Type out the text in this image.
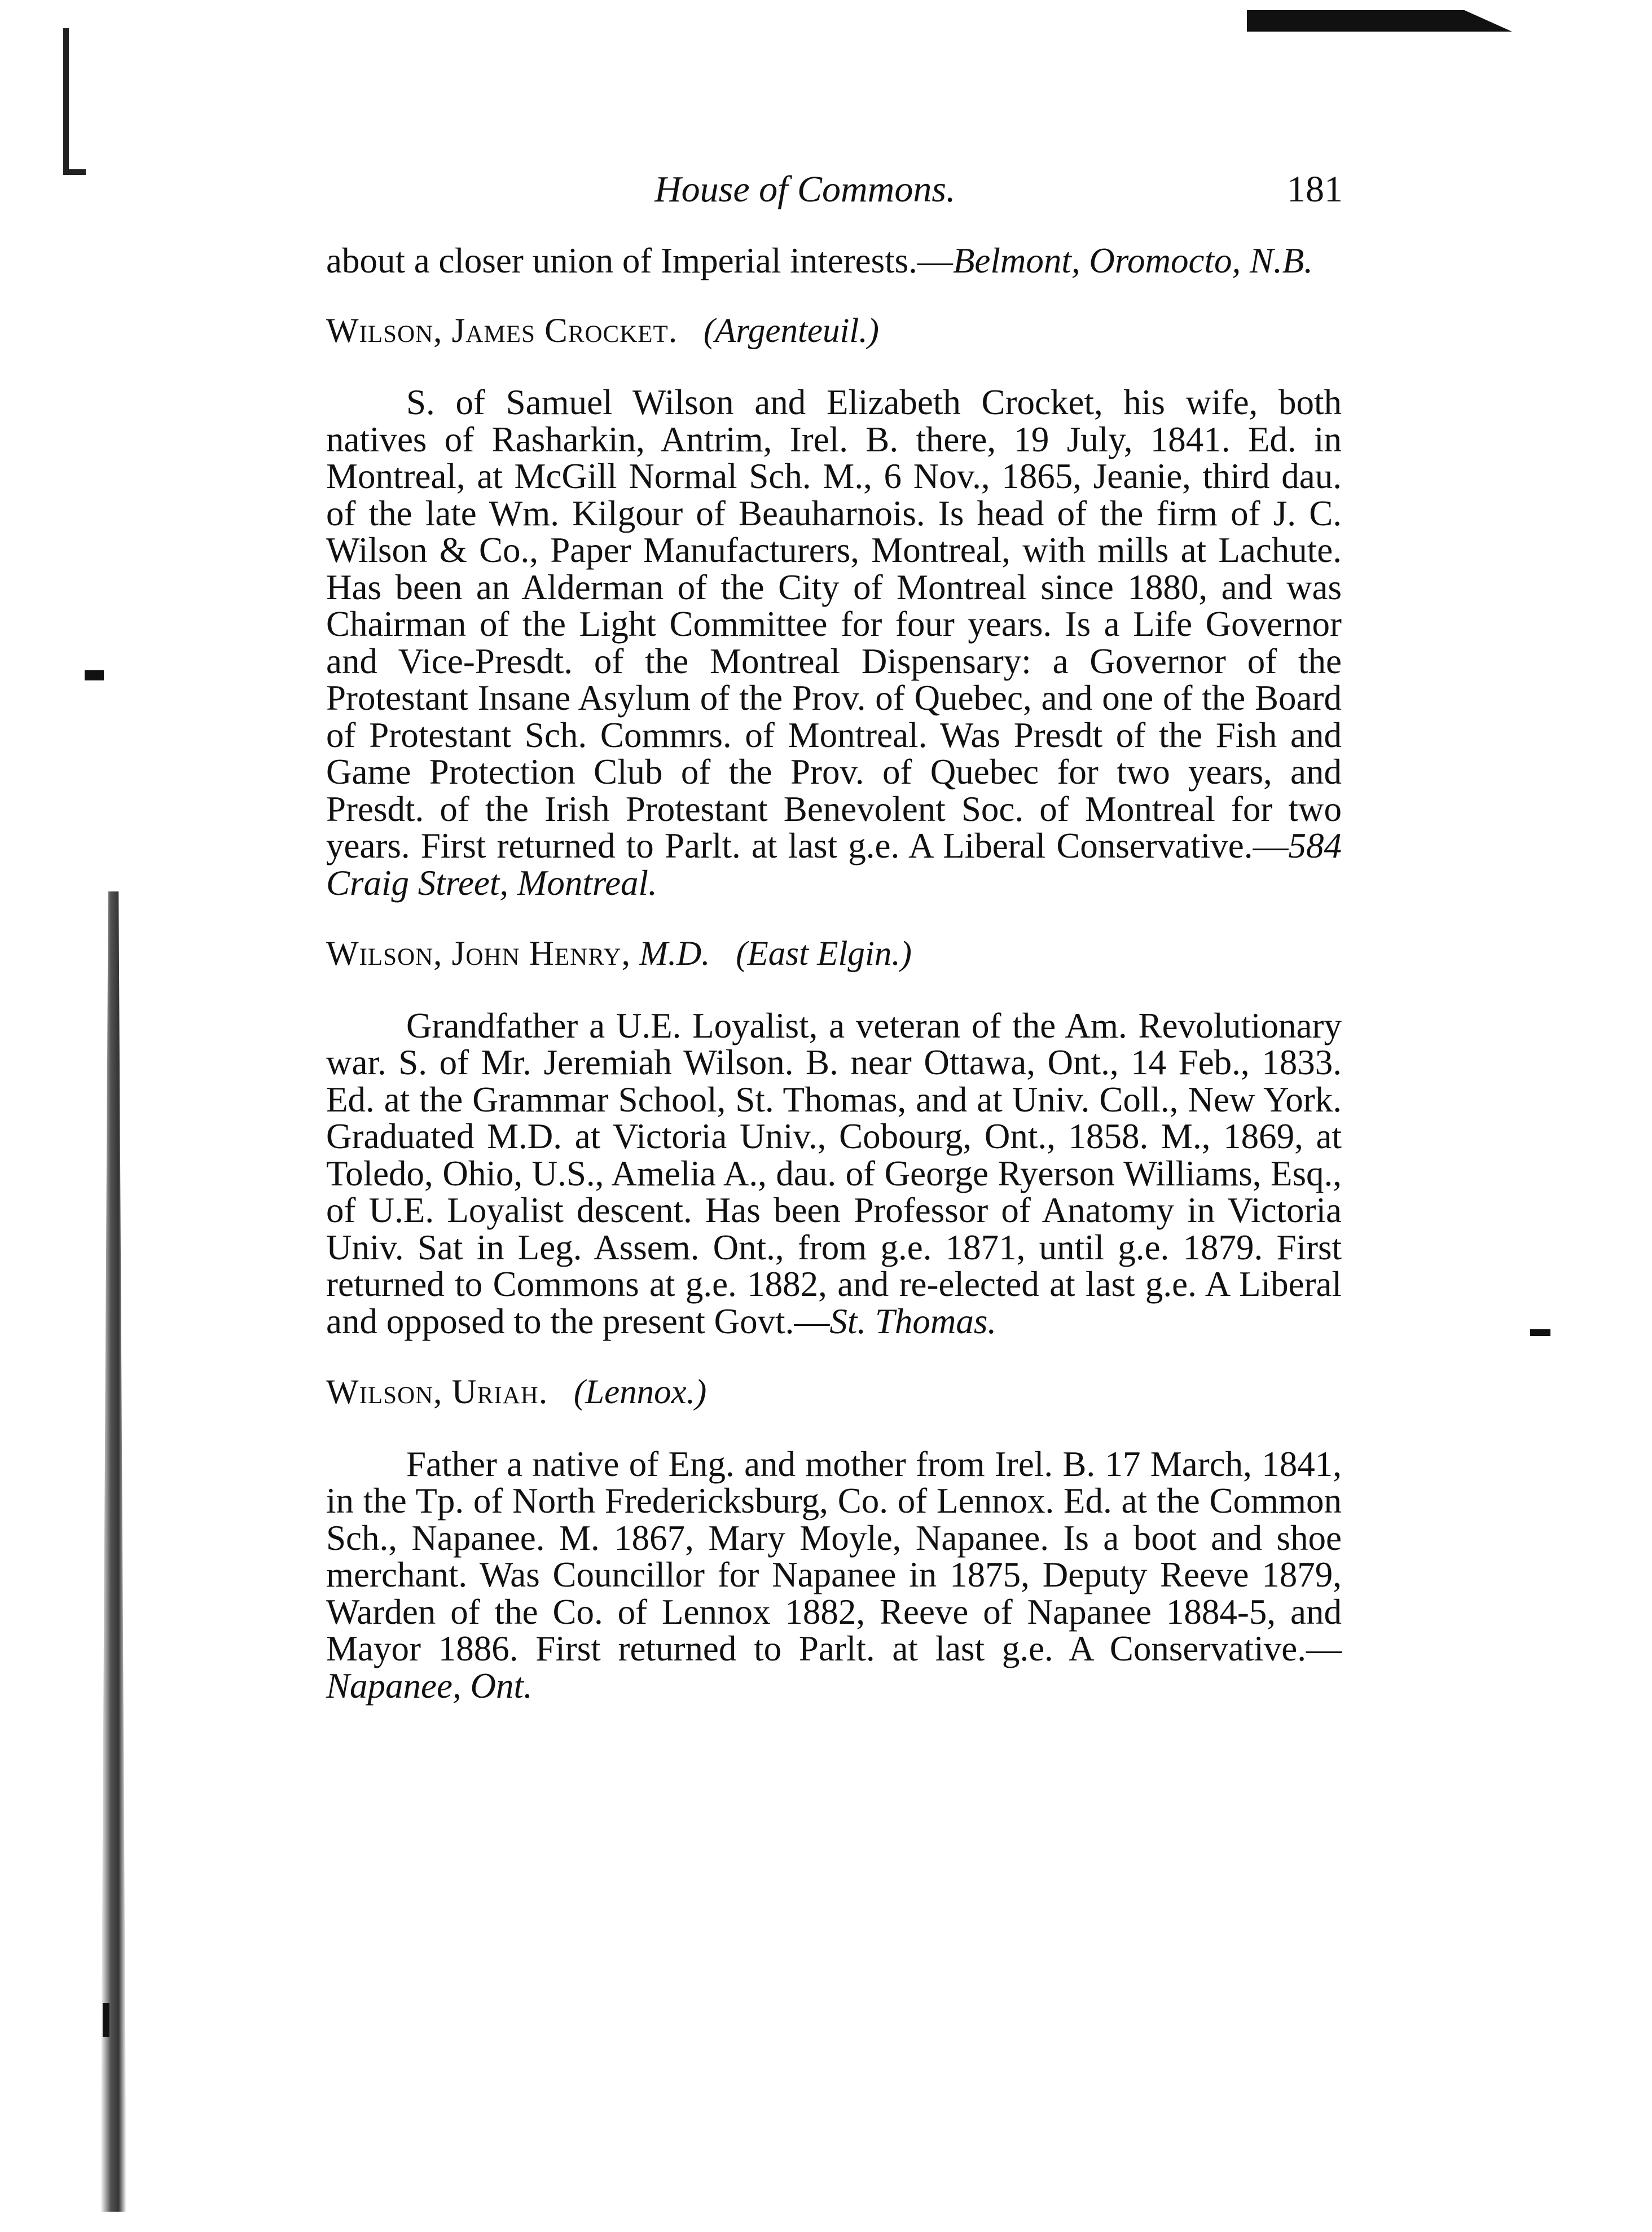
House of Commons.	181

about a closer union of Imperial interests.—Belmont, Oromocto, N.B.

Wilson, James Crocket. (Argenteuil.)

S. of Samuel Wilson and Elizabeth Crocket, his wife, both natives of Rasharkin, Antrim, Irel. B. there, 19 July, 1841. Ed. in Montreal, at McGill Normal Sch. M., 6 Nov., 1865, Jeanie, third dau. of the late Wm. Kilgour of Beauharnois. Is head of the firm of J. C. Wilson & Co., Paper Manufacturers, Montreal, with mills at Lachute. Has been an Alderman of the City of Montreal since 1880, and was Chairman of the Light Committee for four years. Is a Life Governor and Vice-Presdt. of the Montreal Dispensary: a Governor of the Protestant Insane Asylum of the Prov. of Quebec, and one of the Board of Protestant Sch. Commrs. of Montreal. Was Presdt of the Fish and Game Protection Club of the Prov. of Quebec for two years, and Presdt. of the Irish Protestant Benevolent Soc. of Montreal for two years. First returned to Parlt. at last g.e. A Liberal Conservative.—584 Craig Street, Montreal.

Wilson, John Henry, M.D. (East Elgin.)

Grandfather a U.E. Loyalist, a veteran of the Am. Revolutionary war. S. of Mr. Jeremiah Wilson. B. near Ottawa, Ont., 14 Feb., 1833. Ed. at the Grammar School, St. Thomas, and at Univ. Coll., New York. Graduated M.D. at Victoria Univ., Cobourg, Ont., 1858. M., 1869, at Toledo, Ohio, U.S., Amelia A., dau. of George Ryerson Williams, Esq., of U.E. Loyalist descent. Has been Professor of Anatomy in Victoria Univ. Sat in Leg. Assem. Ont., from g.e. 1871, until g.e. 1879. First returned to Commons at g.e. 1882, and re-elected at last g.e. A Liberal and opposed to the present Govt.—St. Thomas.

Wilson, Uriah. (Lennox.)

Father a native of Eng. and mother from Irel. B. 17 March, 1841, in the Tp. of North Fredericksburg, Co. of Lennox. Ed. at the Common Sch., Napanee. M. 1867, Mary Moyle, Napanee. Is a boot and shoe merchant. Was Councillor for Napanee in 1875, Deputy Reeve 1879, Warden of the Co. of Lennox 1882, Reeve of Napanee 1884-5, and Mayor 1886. First returned to Parlt. at last g.e. A Conservative.—Napanee, Ont.
